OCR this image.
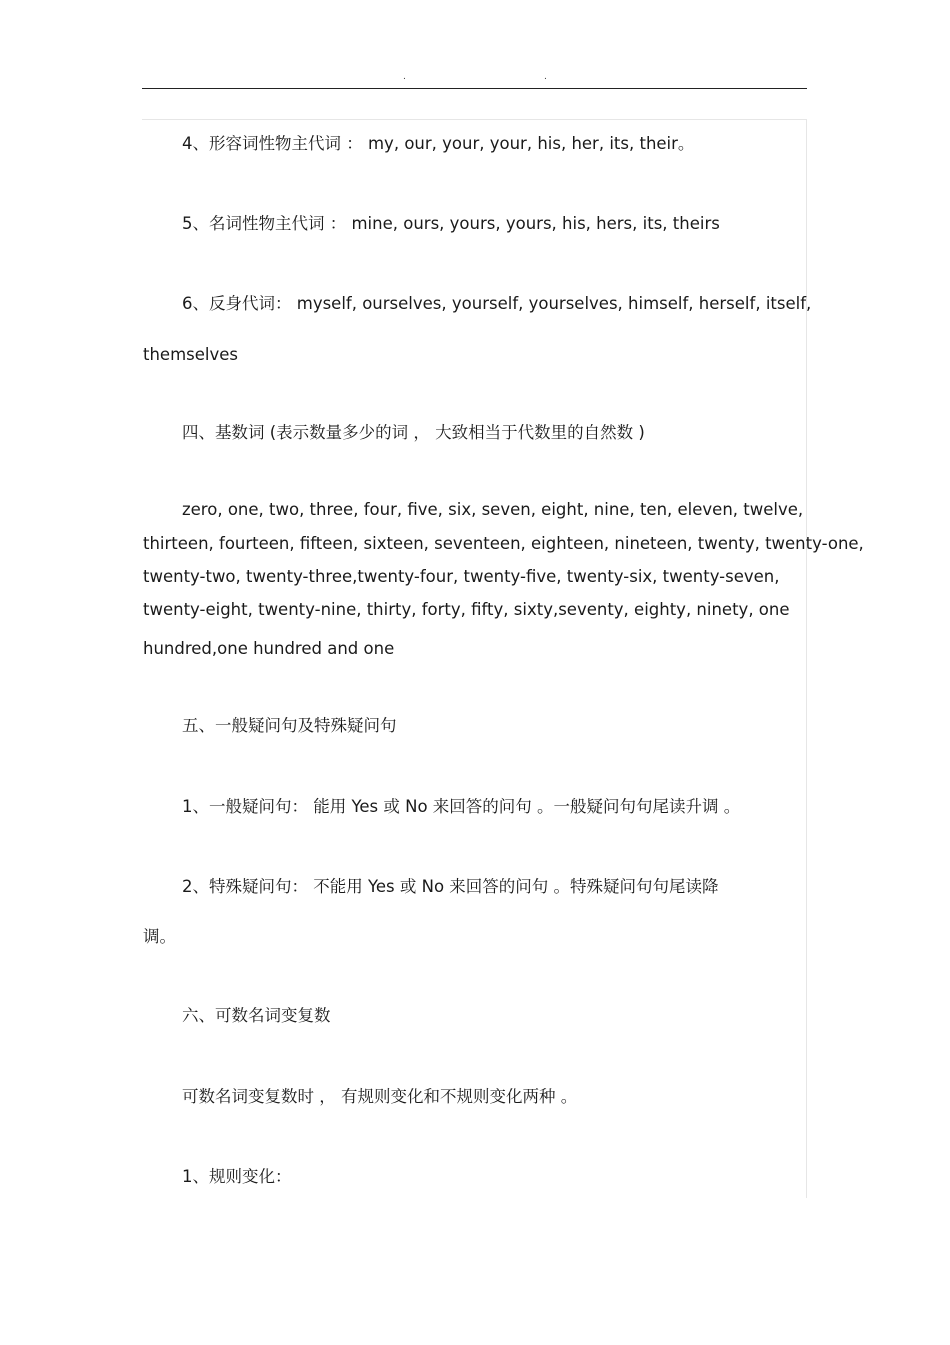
.	.
4、形容词性物主代词 ： my, our, your, your, his, her, its, their。
5、名词性物主代词 ： mine, ours, yours, yours, his, hers, its, theirs
6、反身代词： myself, ourselves, yourself, yourselves, himself, herself, itself,
themselves
四、基数词 (表示数量多少的词 ， 大致相当于代数里的自然数 )
zero, one, two, three, four, five, six, seven, eight, nine, ten, eleven, twelve,
thirteen, fourteen, fifteen, sixteen, seventeen, eighteen, nineteen, twenty, twenty-one,
twenty-two, twenty-three,twenty-four, twenty-five, twenty-six, twenty-seven,
twenty-eight, twenty-nine, thirty, forty, fifty, sixty,seventy, eighty, ninety, one
hundred,one hundred and one
五、一般疑问句及特殊疑问句
1、一般疑问句： 能用 Yes 或 No 来回答的问句 。一般疑问句句尾读升调 。
2、特殊疑问句： 不能用 Yes 或 No 来回答的问句 。特殊疑问句句尾读降
调。
六、可数名词变复数
可数名词变复数时 ， 有规则变化和不规则变化两种 。
1、规则变化：
